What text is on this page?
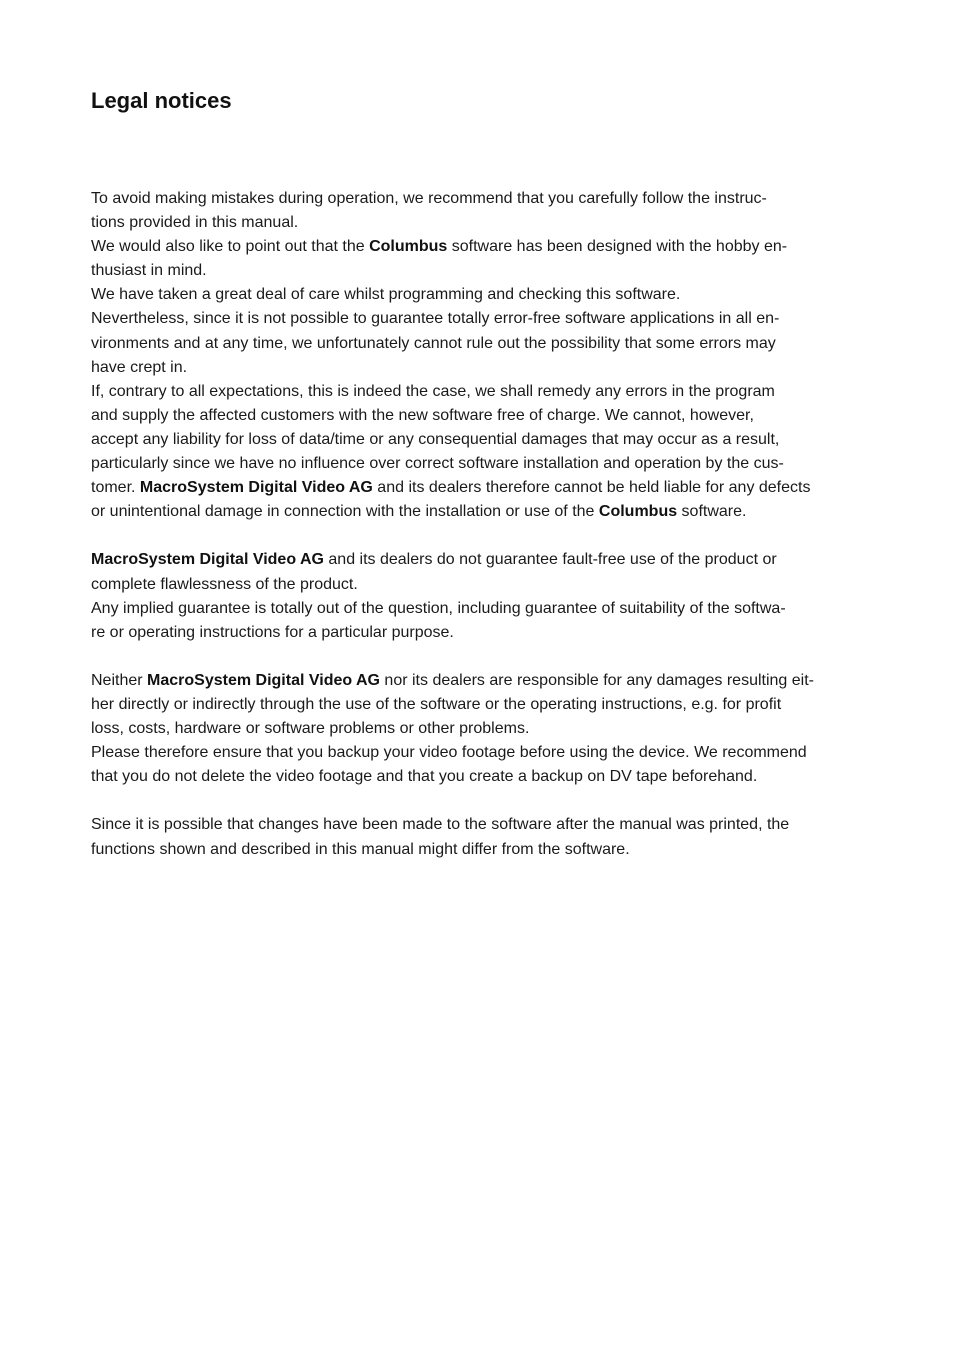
Legal notices
To avoid making mistakes during operation, we recommend that you carefully follow the instruc-
tions provided in this manual.
We would also like to point out that the Columbus software has been designed with the hobby en-
thusiast in mind.
We have taken a great deal of care whilst programming and checking this software.
Nevertheless, since it is not possible to guarantee totally error-free software applications in all en-
vironments and at any time, we unfortunately cannot rule out the possibility that some errors may
have crept in.
If, contrary to all expectations, this is indeed the case, we shall remedy any errors in the program
and supply the affected customers with the new software free of charge. We cannot, however,
accept any liability for loss of data/time or any consequential damages that may occur as a result,
particularly since we have no influence over correct software installation and operation by the cus-
tomer. MacroSystem Digital Video AG and its dealers therefore cannot be held liable for any defects
or unintentional damage in connection with the installation or use of the Columbus software.
MacroSystem Digital Video AG and its dealers do not guarantee fault-free use of the product or
complete flawlessness of the product.
Any implied guarantee is totally out of the question, including guarantee of suitability of the softwa-
re or operating instructions for a particular purpose.
Neither MacroSystem Digital Video AG nor its dealers are responsible for any damages resulting eit-
her directly or indirectly through the use of the software or the operating instructions, e.g. for profit
loss, costs, hardware or software problems or other problems.
Please therefore ensure that you backup your video footage before using the device. We recommend
that you do not delete the video footage and that you create a backup on DV tape beforehand.
Since it is possible that changes have been made to the software after the manual was printed, the
functions shown and described in this manual might differ from the software.
